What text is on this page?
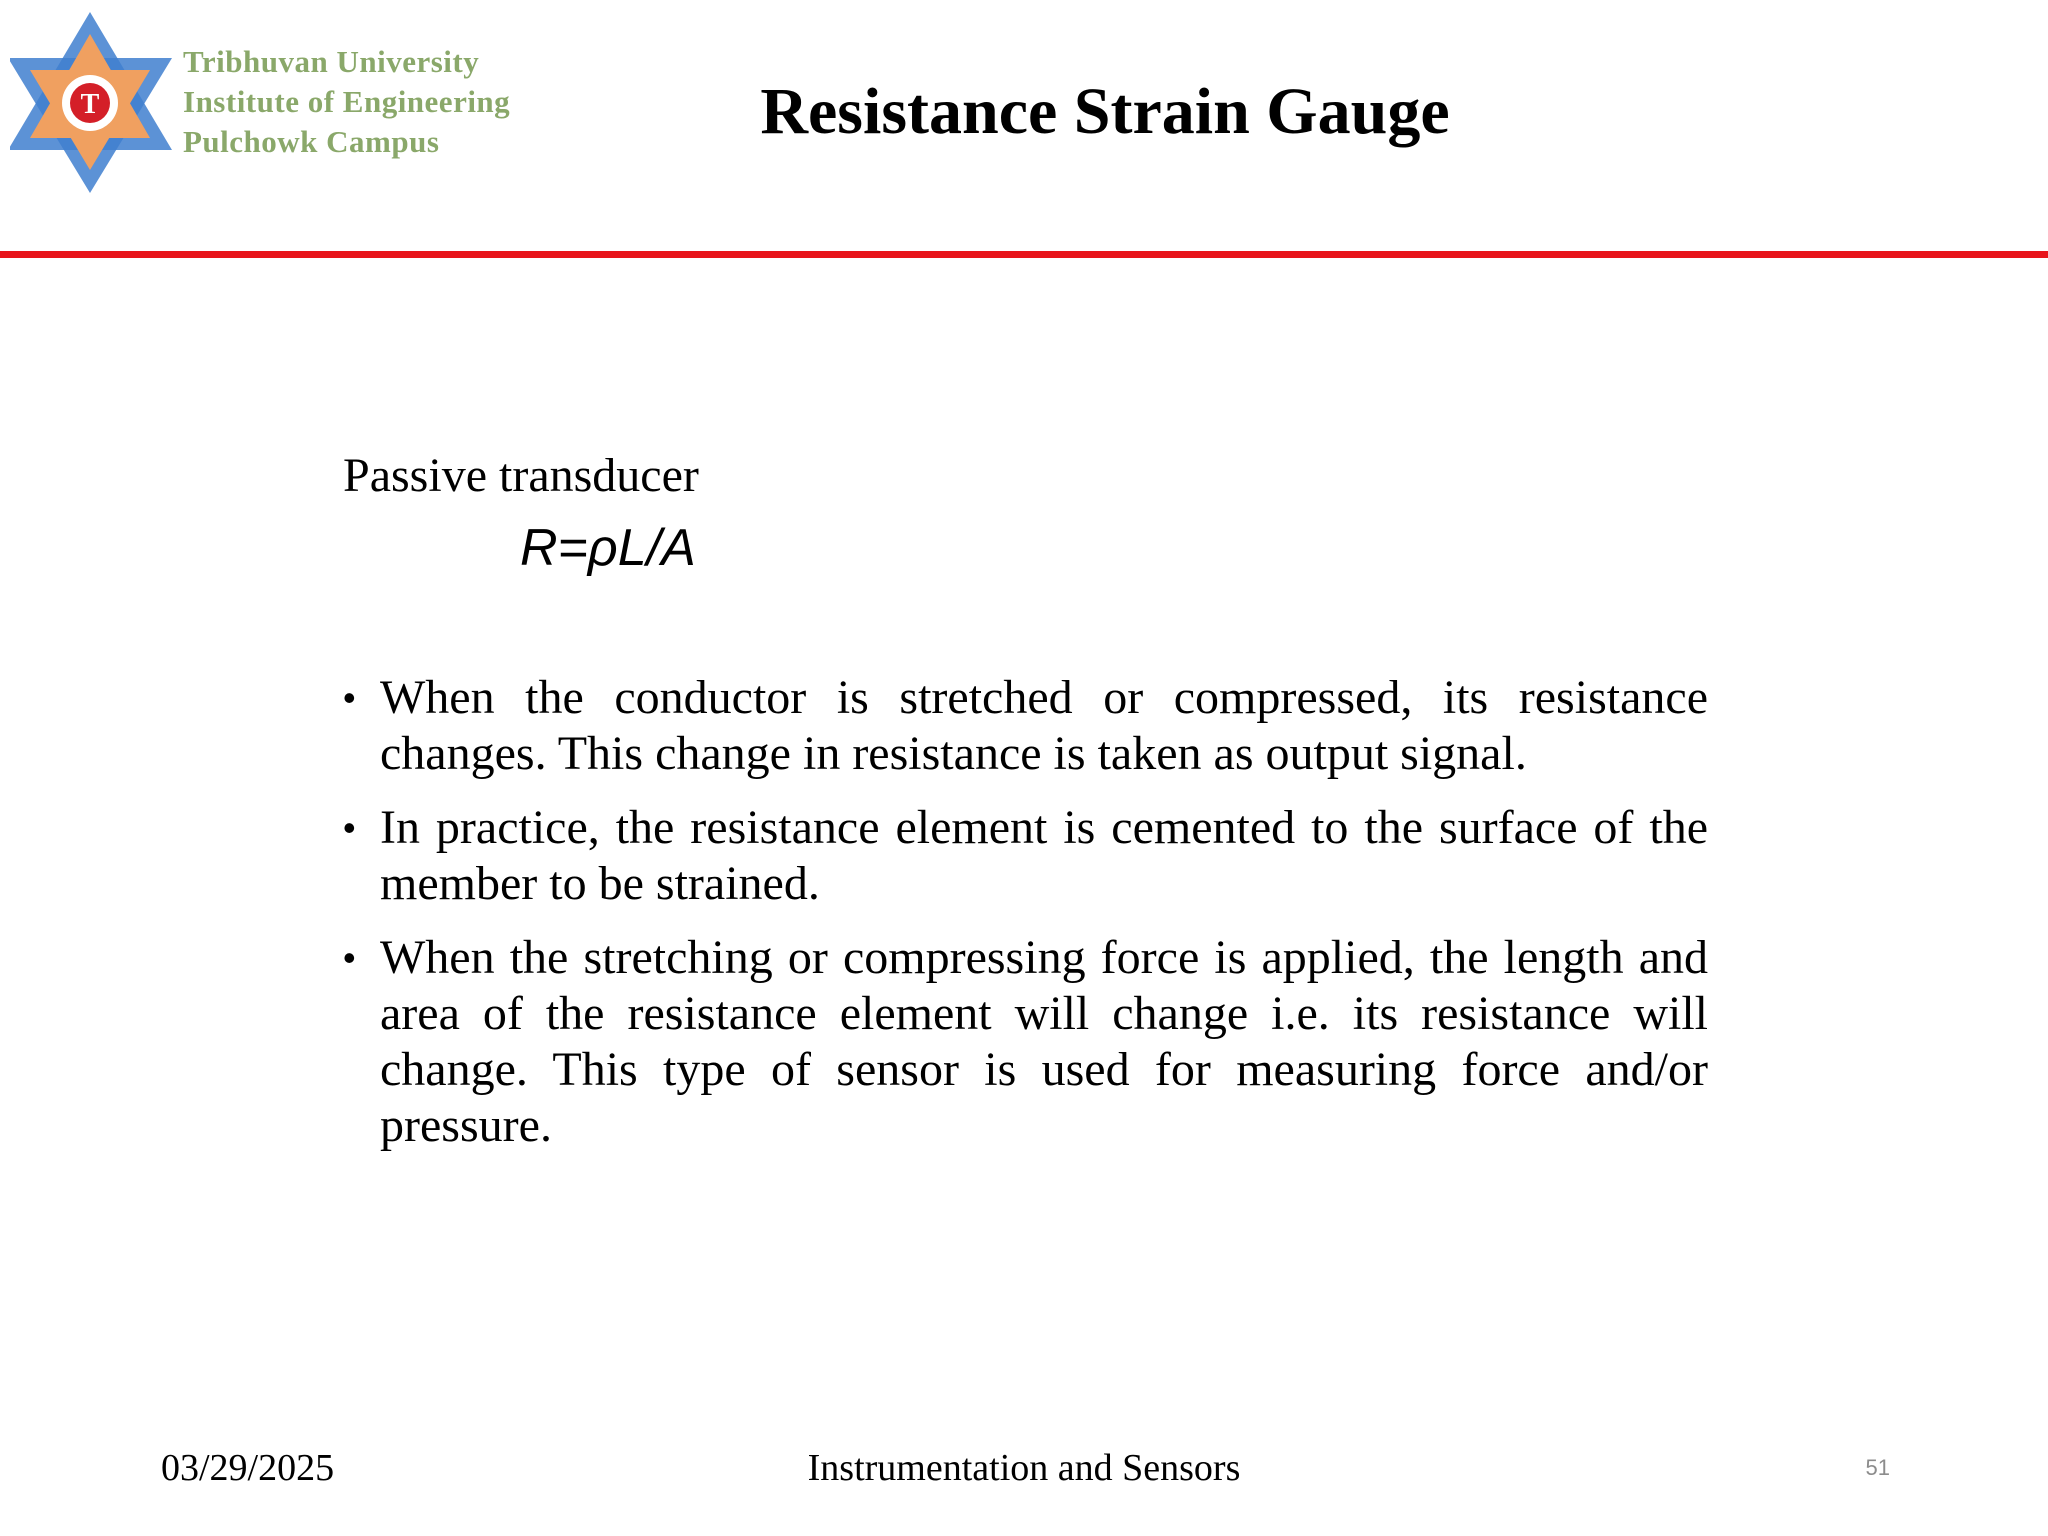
T
Tribhuvan University
Institute of Engineering
Pulchowk Campus	Resistance Strain Gauge
Passive transducer
R=ρL/A
• When the conductor is stretched or compressed, its resistance changes. This change in resistance is taken as output signal.
• In practice, the resistance element is cemented to the surface of the member to be strained.
• When the stretching or compressing force is applied, the length and area of the resistance element will change i.e. its resistance will change. This type of sensor is used for measuring force and/or pressure.
03/29/2025	Instrumentation and Sensors	51
